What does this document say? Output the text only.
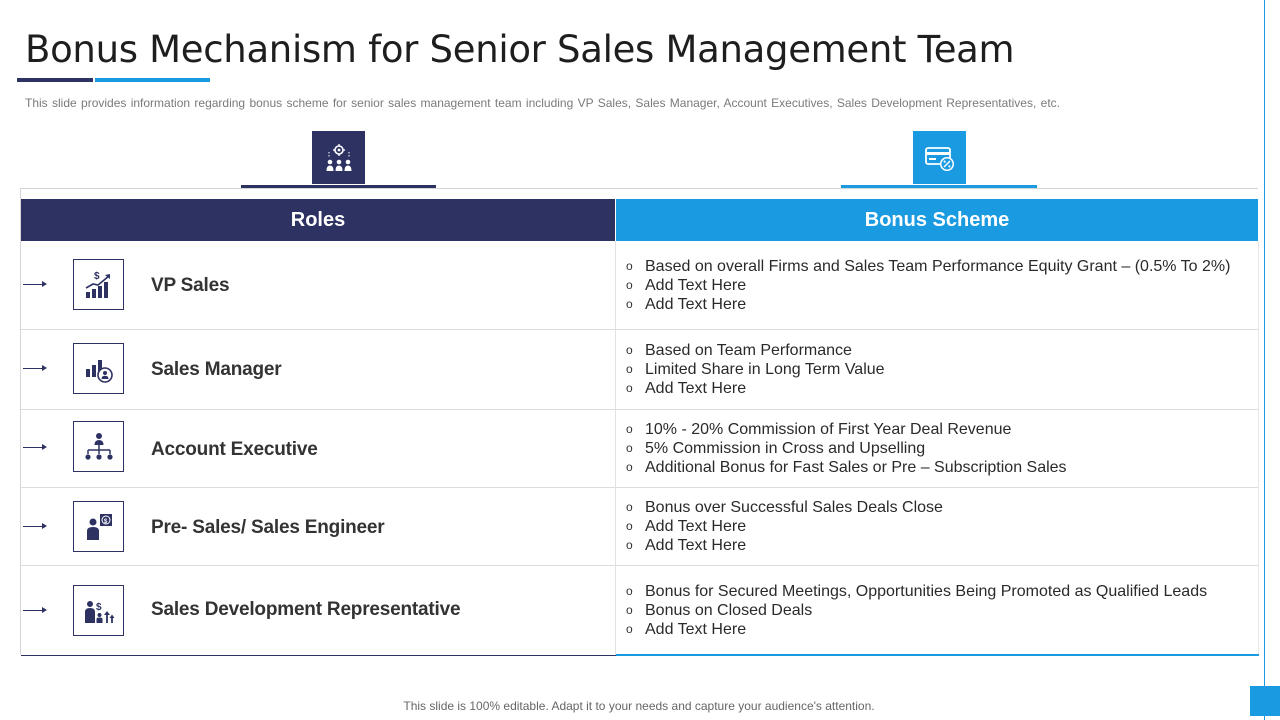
Bonus Mechanism for Senior Sales Management Team

This slide provides information regarding bonus scheme for senior sales management team including VP Sales, Sales Manager, Account Executives, Sales Development Representatives, etc.

Roles	Bonus Scheme
$	VP Sales
o Based on overall Firms and Sales Team Performance Equity Grant – (0.5% To 2%)
o Add Text Here
o Add Text Here
Sales Manager
o Based on Team Performance
o Limited Share in Long Term Value
o Add Text Here
Account Executive
o 10% - 20% Commission of First Year Deal Revenue
o 5% Commission in Cross and Upselling
o Additional Bonus for Fast Sales or Pre – Subscription Sales
$ Pre- Sales/ Sales Engineer
o Bonus over Successful Sales Deals Close
o Add Text Here
o Add Text Here
$	Sales Development Representative
o Bonus for Secured Meetings, Opportunities Being Promoted as Qualified Leads
o Bonus on Closed Deals
o Add Text Here
This slide is 100% editable. Adapt it to your needs and capture your audience's attention.
